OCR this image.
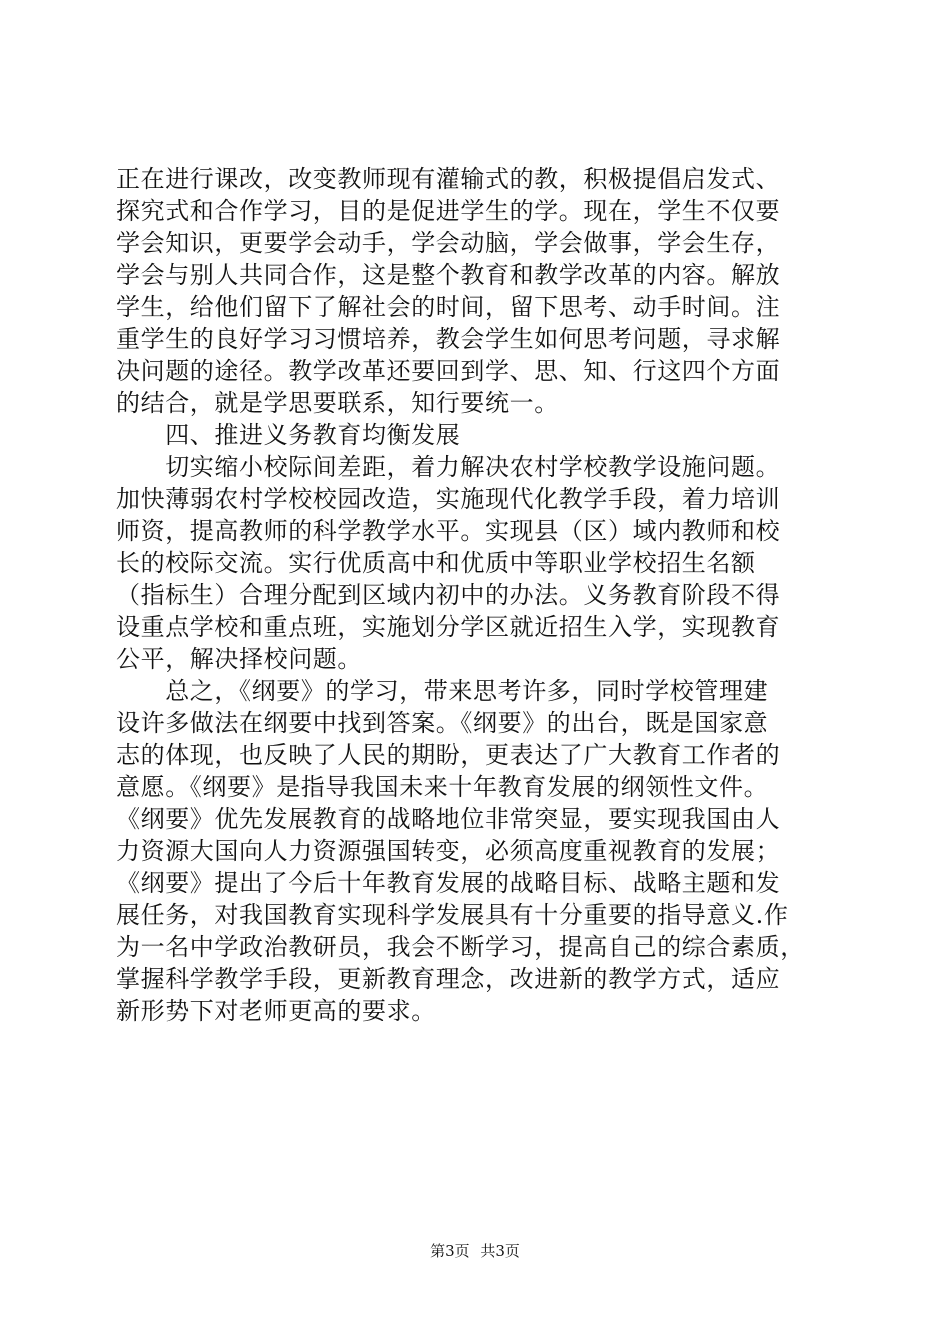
正在进行课改，改变教师现有灌输式的教，积极提倡启发式、
探究式和合作学习，目的是促进学生的学。现在，学生不仅要
学会知识，更要学会动手，学会动脑，学会做事，学会生存，
学会与别人共同合作，这是整个教育和教学改革的内容。解放
学生，给他们留下了解社会的时间，留下思考、动手时间。注
重学生的良好学习习惯培养，教会学生如何思考问题，寻求解
决问题的途径。教学改革还要回到学、思、知、行这四个方面
的结合，就是学思要联系，知行要统一。
　　四、推进义务教育均衡发展
　　切实缩小校际间差距，着力解决农村学校教学设施问题。
加快薄弱农村学校校园改造，实施现代化教学手段，着力培训
师资，提高教师的科学教学水平。实现县（区）域内教师和校
长的校际交流。实行优质高中和优质中等职业学校招生名额
（指标生）合理分配到区域内初中的办法。义务教育阶段不得
设重点学校和重点班，实施划分学区就近招生入学，实现教育
公平，解决择校问题。
　　总之，《纲要》的学习，带来思考许多，同时学校管理建
设许多做法在纲要中找到答案。《纲要》的出台，既是国家意
志的体现，也反映了人民的期盼，更表达了广大教育工作者的
意愿。《纲要》是指导我国未来十年教育发展的纲领性文件。
《纲要》优先发展教育的战略地位非常突显，要实现我国由人
力资源大国向人力资源强国转变，必须高度重视教育的发展；
《纲要》提出了今后十年教育发展的战略目标、战略主题和发
展任务，对我国教育实现科学发展具有十分重要的指导意义.作
为一名中学政治教研员，我会不断学习，提高自己的综合素质，
掌握科学教学手段，更新教育理念，改进新的教学方式，适应
新形势下对老师更高的要求。
第3页 共3页
